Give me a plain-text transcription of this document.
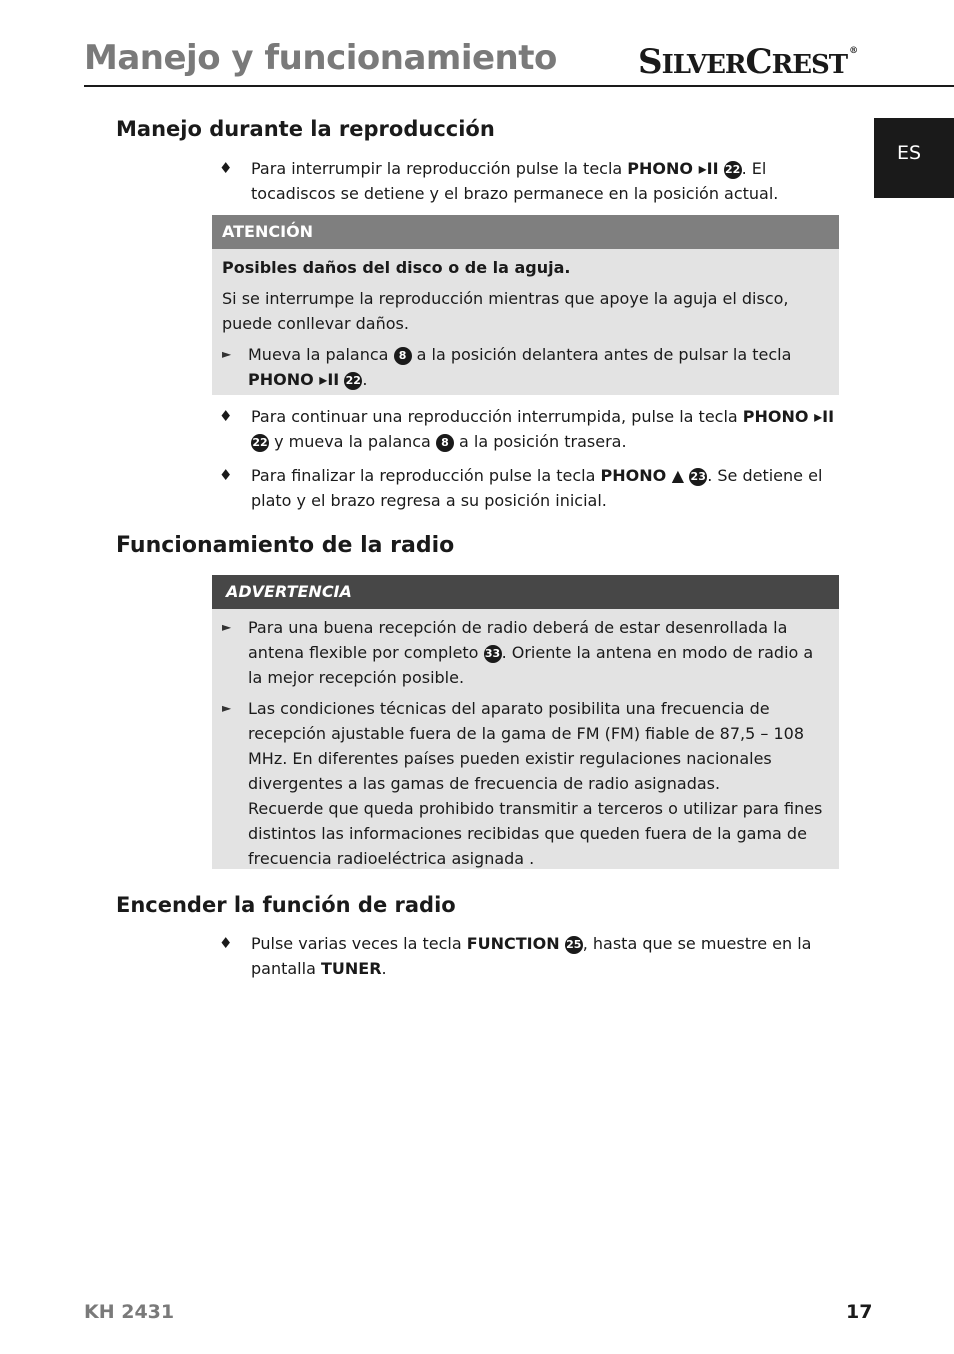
Manejo y funcionamiento SILVERCREST ®
ES
Manejo durante la reproducción
♦ Para interrumpir la reproducción pulse la tecla PHONO ▸II 22. El tocadiscos se detiene y el brazo permanece en la posición actual.
ATENCIÓN

Posibles daños del disco o de la aguja.

Si se interrumpe la reproducción mientras que apoye la aguja el disco, puede conllevar daños.

► Mueva la palanca 8 a la posición delantera antes de pulsar la tecla PHONO ▸II 22.
♦ Para continuar una reproducción interrumpida, pulse la tecla PHONO ▸II 22 y mueva la palanca 8 a la posición trasera.
♦ Para finalizar la reproducción pulse la tecla PHONO ▲ 23. Se detiene el plato y el brazo regresa a su posición inicial.
Funcionamiento de la radio
ADVERTENCIA
► Para una buena recepción de radio deberá de estar desenrollada la antena flexible por completo 33. Oriente la antena en modo de radio a la mejor recepción posible.
► Las condiciones técnicas del aparato posibilita una frecuencia de recepción ajustable fuera de la gama de FM (FM) fiable de 87,5 – 108 MHz. En diferentes países pueden existir regulaciones nacionales divergentes a las gamas de frecuencia de radio asignadas.
Recuerde que queda prohibido transmitir a terceros o utilizar para fines distintos las informaciones recibidas que queden fuera de la gama de frecuencia radioeléctrica asignada .
Encender la función de radio
♦ Pulse varias veces la tecla FUNCTION 25, hasta que se muestre en la pantalla TUNER.
KH 2431	17
